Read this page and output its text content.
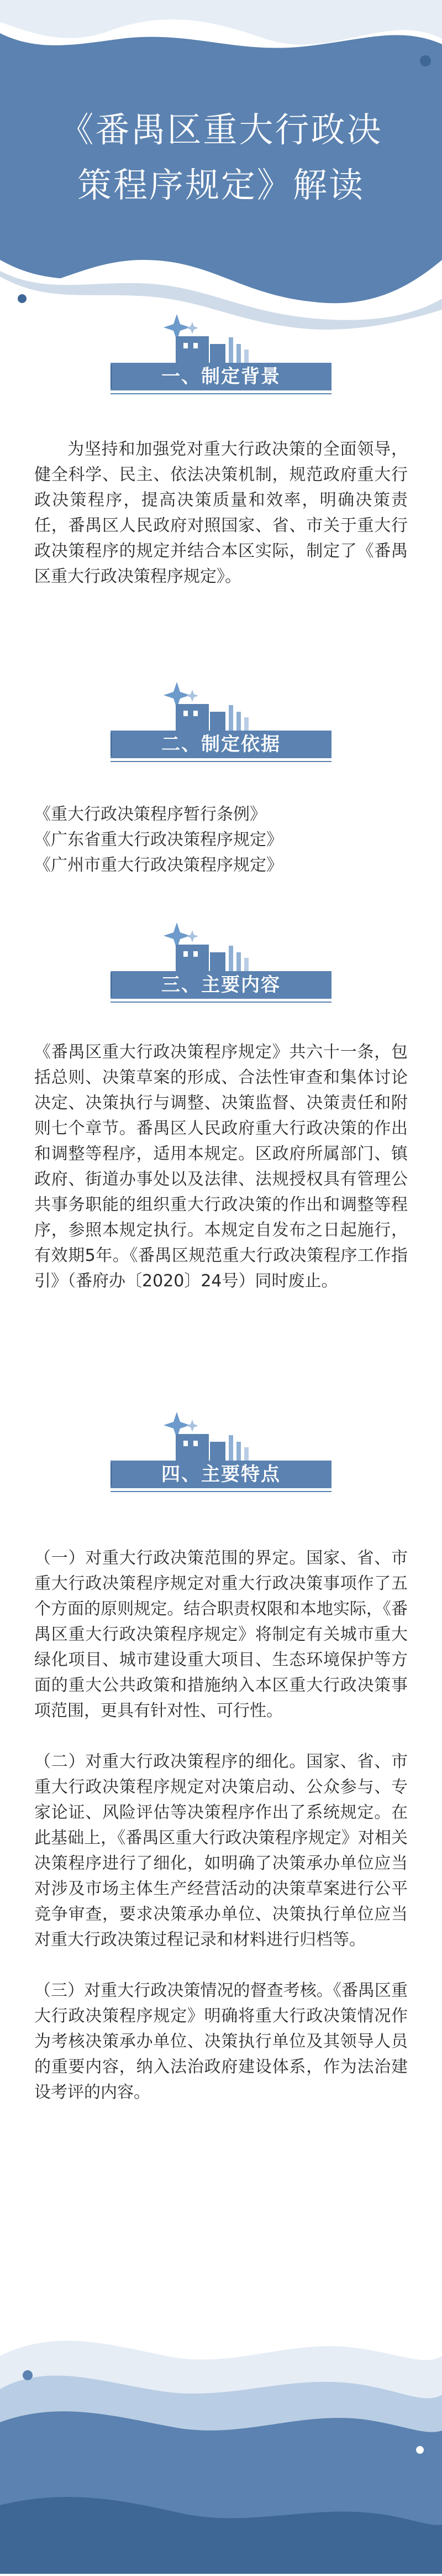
《番禺区重大行政决
策程序规定》解读
一、制定背景

为坚持和加强党对重大行政决策的全面领导，健全科学、民主、依法决策机制，规范政府重大行政决策程序，提高决策质量和效率，明确决策责任，番禺区人民政府对照国家、省、市关于重大行政决策程序的规定并结合本区实际，制定了《番禺区重大行政决策程序规定》。

二、制定依据

《重大行政决策程序暂行条例》

《广东省重大行政决策程序规定》

《广州市重大行政决策程序规定》

三、主要内容

《番禺区重大行政决策程序规定》共六十一条，包括总则、决策草案的形成、合法性审查和集体讨论决定、决策执行与调整、决策监督、决策责任和附则七个章节。番禺区人民政府重大行政决策的作出和调整等程序，适用本规定。区政府所属部门、镇政府、街道办事处以及法律、法规授权具有管理公共事务职能的组织重大行政决策的作出和调整等程序，参照本规定执行。本规定自发布之日起施行，有效期5年。《番禺区规范重大行政决策程序工作指引》（番府办〔2020〕24号）同时废止。

四、主要特点

（一）对重大行政决策范围的界定。国家、省、市重大行政决策程序规定对重大行政决策事项作了五个方面的原则规定。结合职责权限和本地实际，《番禺区重大行政决策程序规定》将制定有关城市重大绿化项目、城市建设重大项目、生态环境保护等方面的重大公共政策和措施纳入本区重大行政决策事项范围，更具有针对性、可行性。

（二）对重大行政决策程序的细化。国家、省、市重大行政决策程序规定对决策启动、公众参与、专家论证、风险评估等决策程序作出了系统规定。在此基础上，《番禺区重大行政决策程序规定》对相关决策程序进行了细化，如明确了决策承办单位应当对涉及市场主体生产经营活动的决策草案进行公平竞争审查，要求决策承办单位、决策执行单位应当对重大行政决策过程记录和材料进行归档等。

（三）对重大行政决策情况的督查考核。《番禺区重大行政决策程序规定》明确将重大行政决策情况作为考核决策承办单位、决策执行单位及其领导人员的重要内容，纳入法治政府建设体系，作为法治建设考评的内容。
